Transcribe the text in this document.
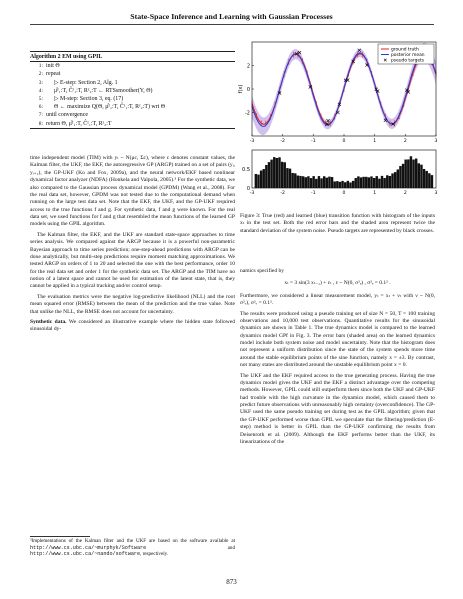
State-Space Inference and Learning with Gaussian Processes
Algorithm 2 EM using GPIL
1: init Θ
2: repeat
3: ▷ E-step: Section 2, Alg. 1
4: μ̂ᶻ₁:T, Ĉᶻ₁:T, Rᶻ₂:T ← RTSsmoother(Y, Θ)
5: ▷ M-step: Section 3, eq. (17)
6: Θ ← maximize Q(Θ, μ̂ᶻ₁:T, Ĉᶻ₁:T, Rᶻ₂:T) wrt Θ
7: until convergence
8: return Θ, μ̂ᶻ₁:T, Ĉᶻ₁:T, Rᶻ₂:T
2
0
-2
f(x)
-3	-2	-1	0	1	2	3
ground truth
posterior mean
pseudo targets
0.5
0
-3	-2	-1	0	1	2	3

time independent model (TIM) with yₜ ~ N(μc, Σc), where c denotes constant values, the Kalman filter, the UKF, the EKF, the autoregressive GP (ARGP) trained on a set of pairs (yᵢ, yᵢ₊₁), the GP-UKF (Ko and Fox, 2009a), and the neural network/EKF based nonlinear dynamical factor analyzer (NDFA) (Honkela and Valpola, 2005).³ For the synthetic data, we also compared to the Gaussian process dynamical model (GPDM) (Wang et al., 2008). For the real data set, however, GPDM was not tested due to the computational demand when running on the large test data set. Note that the EKF, the UKF, and the GP-UKF required access to the true functions f and g. For synthetic data, f and g were known. For the real data set, we used functions for f and g that resembled the mean functions of the learned GP models using the GPIL algorithm.

The Kalman filter, the EKF, and the UKF are standard state-space approaches to time series analysis. We compared against the ARGP because it is a powerful non-parametric Bayesian approach to time series prediction; one-step-ahead predictions with ARGP can be done analytically, but multi-step predictions require moment matching approximations. We tested ARGP on orders of 1 to 20 and selected the one with the best performance, order 10 for the real data set and order 1 for the synthetic data set. The ARGP and the TIM have no notion of a latent space and cannot be used for estimation of the latent state, that is, they cannot be applied in a typical tracking and/or control setup.

The evaluation metrics were the negative log-predictive likelihood (NLL) and the root mean squared error (RMSE) between the mean of the prediction and the true value. Note that unlike the NLL, the RMSE does not account for uncertainty.

Synthetic data. We considered an illustrative example where the hidden state followed sinusoidal dy-

³Implementations of the Kalman filter and the UKF are based on the software available at http://www.cs.ubc.ca/~murphyk/Software and http://www.cs.ubc.ca/~nando/software, respectively.
Figure 3: True (red) and learned (blue) transition function with histogram of the inputs xₜ in the test set. Both the red error bars and the shaded area represent twice the standard deviation of the system noise. Pseudo targets are represented by black crosses.

namics specified by

xₜ = 3 sin(3 xₜ₋₁) + εₜ , ε ~ N(0, σ²ₑ) , σ²ₑ = 0.1² .

Furthermore, we considered a linear measurement model, yₜ = xₜ + νₜ with ν ~ N(0, σ²ᵥ), σ²ᵥ = 0.1².

The results were produced using a pseudo training set of size N = 50, T = 100 training observations and 10,000 test observations. Quantitative results for the sinusoidal dynamics are shown in Table 1. The true dynamics model is compared to the learned dynamics model GPf in Fig. 3. The error bars (shaded area) on the learned dynamics model include both system noise and model uncertainty. Note that the histogram does not represent a uniform distribution since the state of the system spends more time around the stable equilibrium points of the sine function, namely x = ±3. By contrast, not many states are distributed around the unstable equilibrium point x = 0.

The UKF and the EKF required access to the true generating process. Having the true dynamics model gives the UKF and the EKF a distinct advantage over the competing methods. However, GPIL could still outperform them since both the UKF and GP-UKF had trouble with the high curvature in the dynamics model, which caused them to predict future observations with unreasonably high certainty (overconfidence). The GP-UKF used the same pseudo training set during test as the GPIL algorithm; given that the GP-UKF performed worse than GPIL we speculate that the filtering/prediction (E-step) method is better in GPIL than the GP-UKF confirming the results from Deisenroth et al. (2009). Although the EKF performs better than the UKF, its linearizations of the

873
